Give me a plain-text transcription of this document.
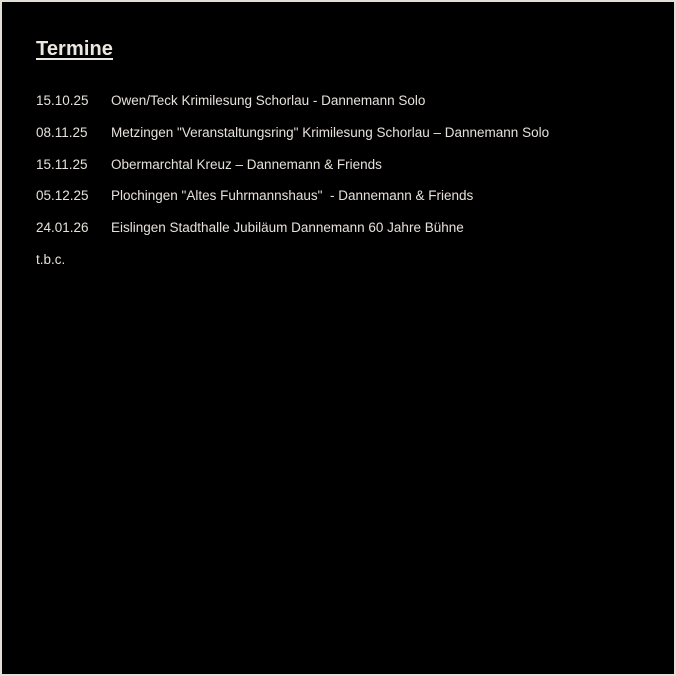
Termine
15.10.25	Owen/Teck Krimilesung Schorlau - Dannemann Solo
08.11.25	Metzingen "Veranstaltungsring" Krimilesung Schorlau – Dannemann Solo
15.11.25	Obermarchtal Kreuz – Dannemann & Friends
05.12.25	Plochingen "Altes Fuhrmannshaus"  - Dannemann & Friends
24.01.26	Eislingen Stadthalle Jubiläum Dannemann 60 Jahre Bühne
t.b.c.
